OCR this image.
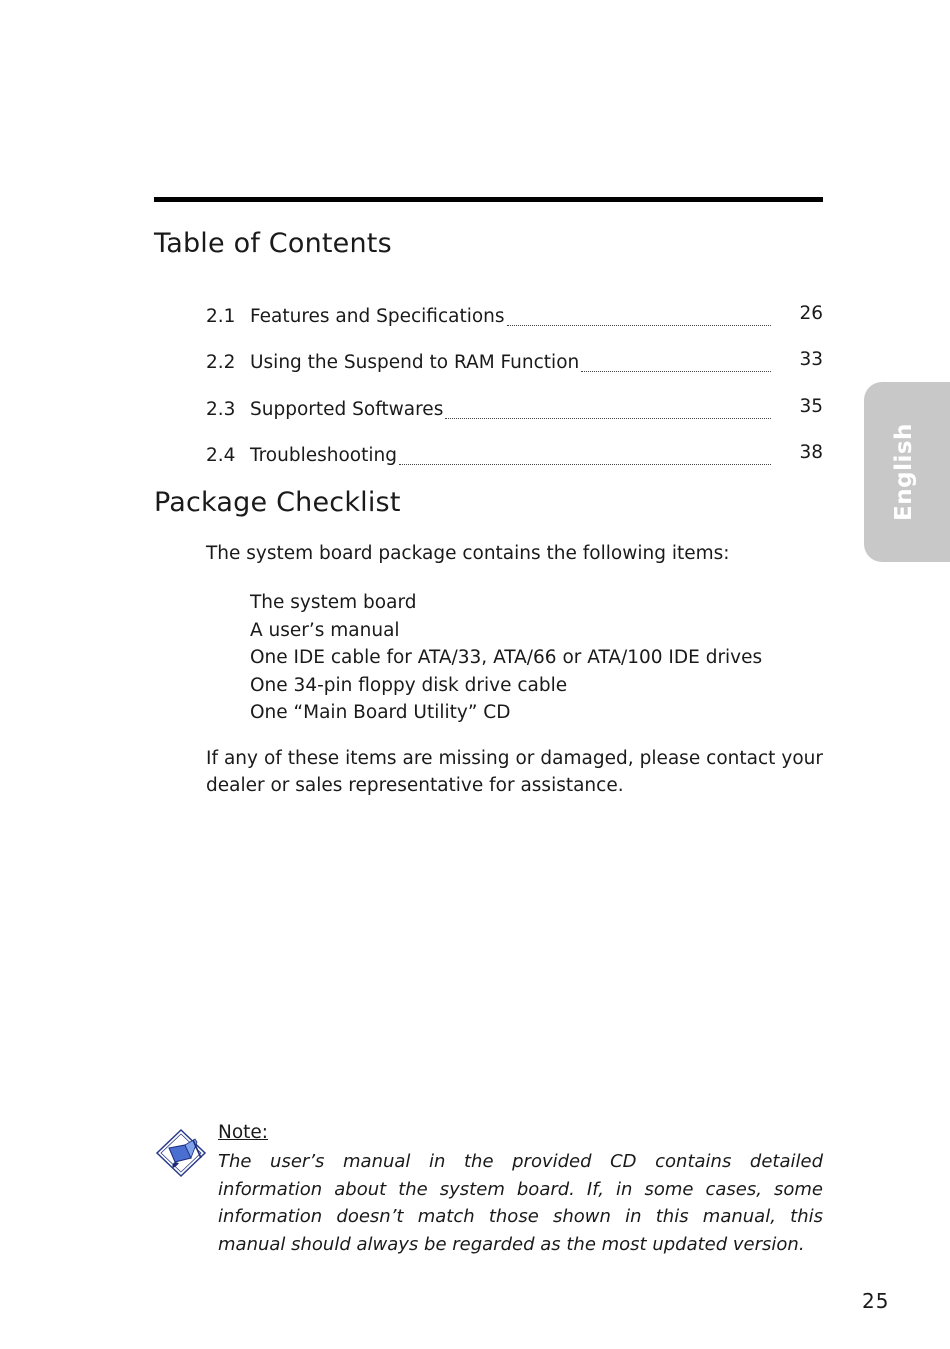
Table of Contents
2.1 Features and Specifications	26
2.2 Using the Suspend to RAM Function	33
2.3 Supported Softwares	35
2.4 Troubleshooting	38
Package Checklist

The system board package contains the following items:

The system board
A user’s manual
One IDE cable for ATA/33, ATA/66 or ATA/100 IDE drives
One 34-pin floppy disk drive cable
One “Main Board Utility” CD

If any of these items are missing or damaged, please contact your dealer or sales representative for assistance.

English

Note:

The user’s manual in the provided CD contains detailed information about the system board. If, in some cases, some information doesn’t match those shown in this manual, this manual should always be regarded as the most updated version.

25
